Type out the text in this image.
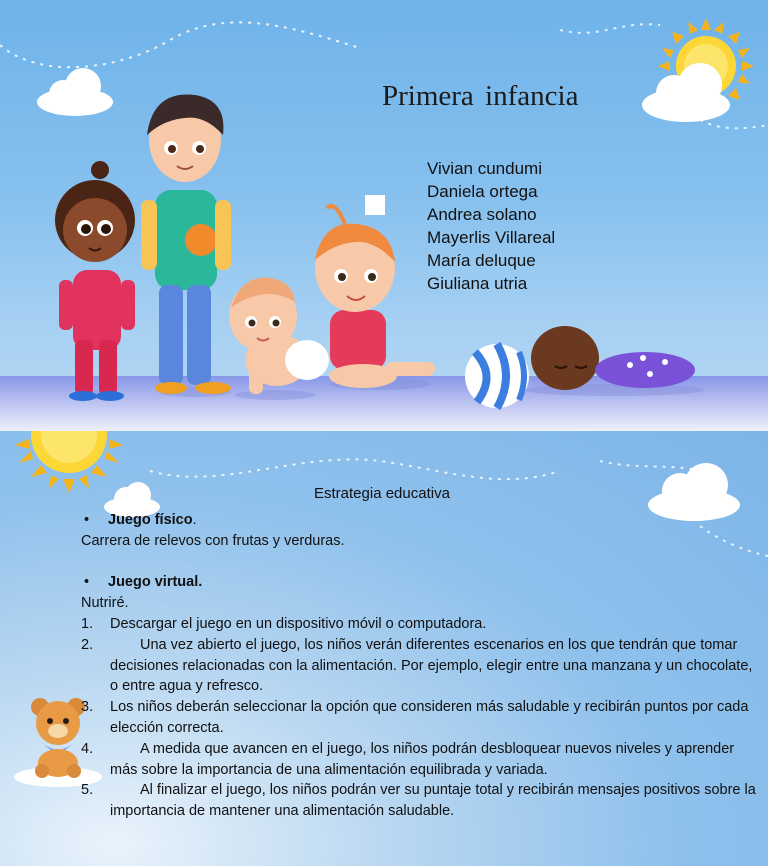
Primera infancia
Vivian cundumi
Daniela ortega
Andrea solano
Mayerlis Villareal
María deluque
Giuliana utria
Estrategia educativa
• Juego físico.
Carrera de relevos con frutas y verduras.

• Juego virtual.
Nutriré.
1.	Descargar el juego en un dispositivo móvil o computadora.
2.	Una vez abierto el juego, los niños verán diferentes escenarios en los que tendrán que tomar decisiones relacionadas con la alimentación. Por ejemplo, elegir entre una manzana y un chocolate, o entre agua y refresco.
3.	Los niños deberán seleccionar la opción que consideren más saludable y recibirán puntos por cada elección correcta.
4.	A medida que avancen en el juego, los niños podrán desbloquear nuevos niveles y aprender más sobre la importancia de una alimentación equilibrada y variada.
5.	Al finalizar el juego, los niños podrán ver su puntaje total y recibirán mensajes positivos sobre la importancia de mantener una alimentación saludable.
